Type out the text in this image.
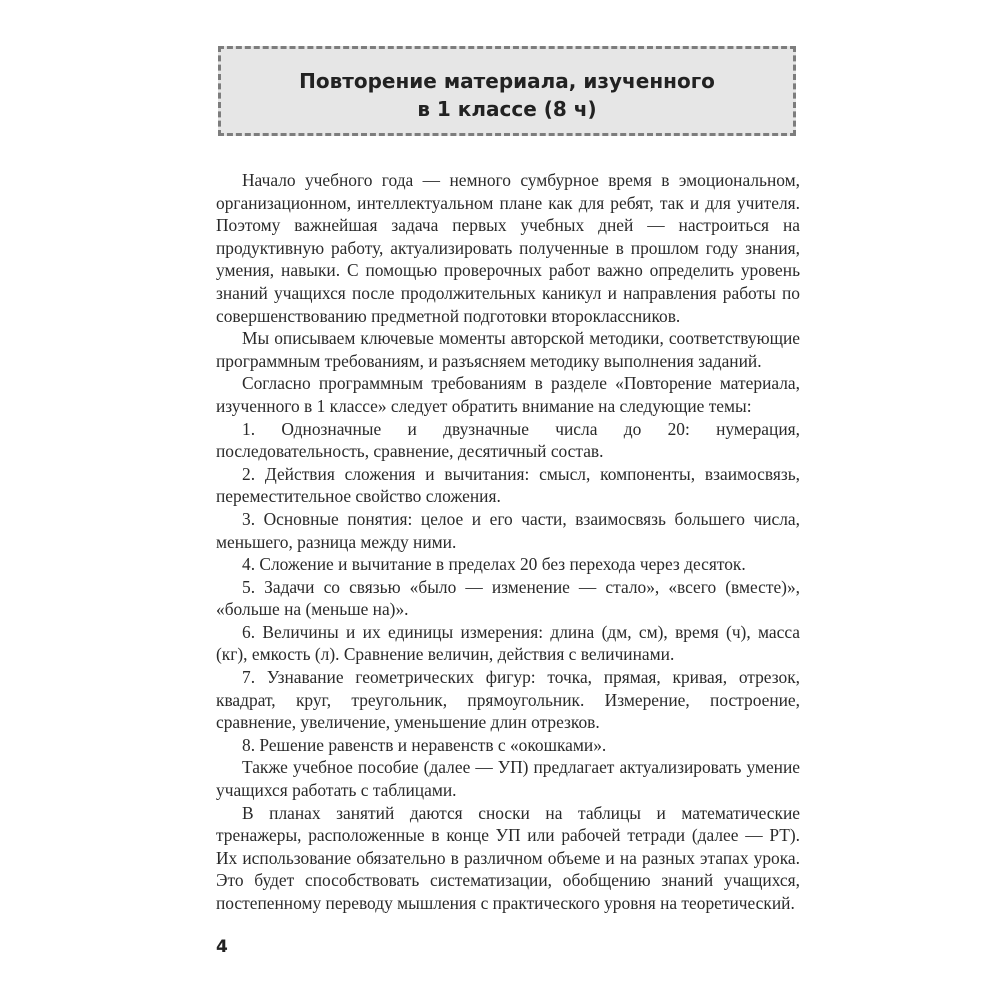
Повторение материала, изученного
в 1 классе (8 ч)

Начало учебного года — немного сумбурное время в эмоциональном, организационном, интеллектуальном плане как для ребят, так и для учителя. Поэтому важнейшая задача первых учебных дней — настроиться на продуктивную работу, актуализировать полученные в прошлом году знания, умения, навыки. С помощью проверочных работ важно определить уровень знаний учащихся после продолжительных каникул и направления работы по совершенствованию предметной подготовки второклассников.

Мы описываем ключевые моменты авторской методики, соответствующие программным требованиям, и разъясняем методику выполнения заданий.

Согласно программным требованиям в разделе «Повторение материала, изученного в 1 классе» следует обратить внимание на следующие темы:

1. Однозначные и двузначные числа до 20: нумерация, последовательность, сравнение, десятичный состав.

2. Действия сложения и вычитания: смысл, компоненты, взаимосвязь, переместительное свойство сложения.

3. Основные понятия: целое и его части, взаимосвязь большего числа, меньшего, разница между ними.

4. Сложение и вычитание в пределах 20 без перехода через десяток.

5. Задачи со связью «было — изменение — стало», «всего (вместе)», «больше на (меньше на)».

6. Величины и их единицы измерения: длина (дм, см), время (ч), масса (кг), емкость (л). Сравнение величин, действия с величинами.

7. Узнавание геометрических фигур: точка, прямая, кривая, отрезок, квадрат, круг, треугольник, прямоугольник. Измерение, построение, сравнение, увеличение, уменьшение длин отрезков.

8. Решение равенств и неравенств с «окошками».

Также учебное пособие (далее — УП) предлагает актуализировать умение учащихся работать с таблицами.

В планах занятий даются сноски на таблицы и математические тренажеры, расположенные в конце УП или рабочей тетради (далее — РТ). Их использование обязательно в различном объеме и на разных этапах урока. Это будет способствовать систематизации, обобщению знаний учащихся, постепенному переводу мышления с практического уровня на теоретический.

4
